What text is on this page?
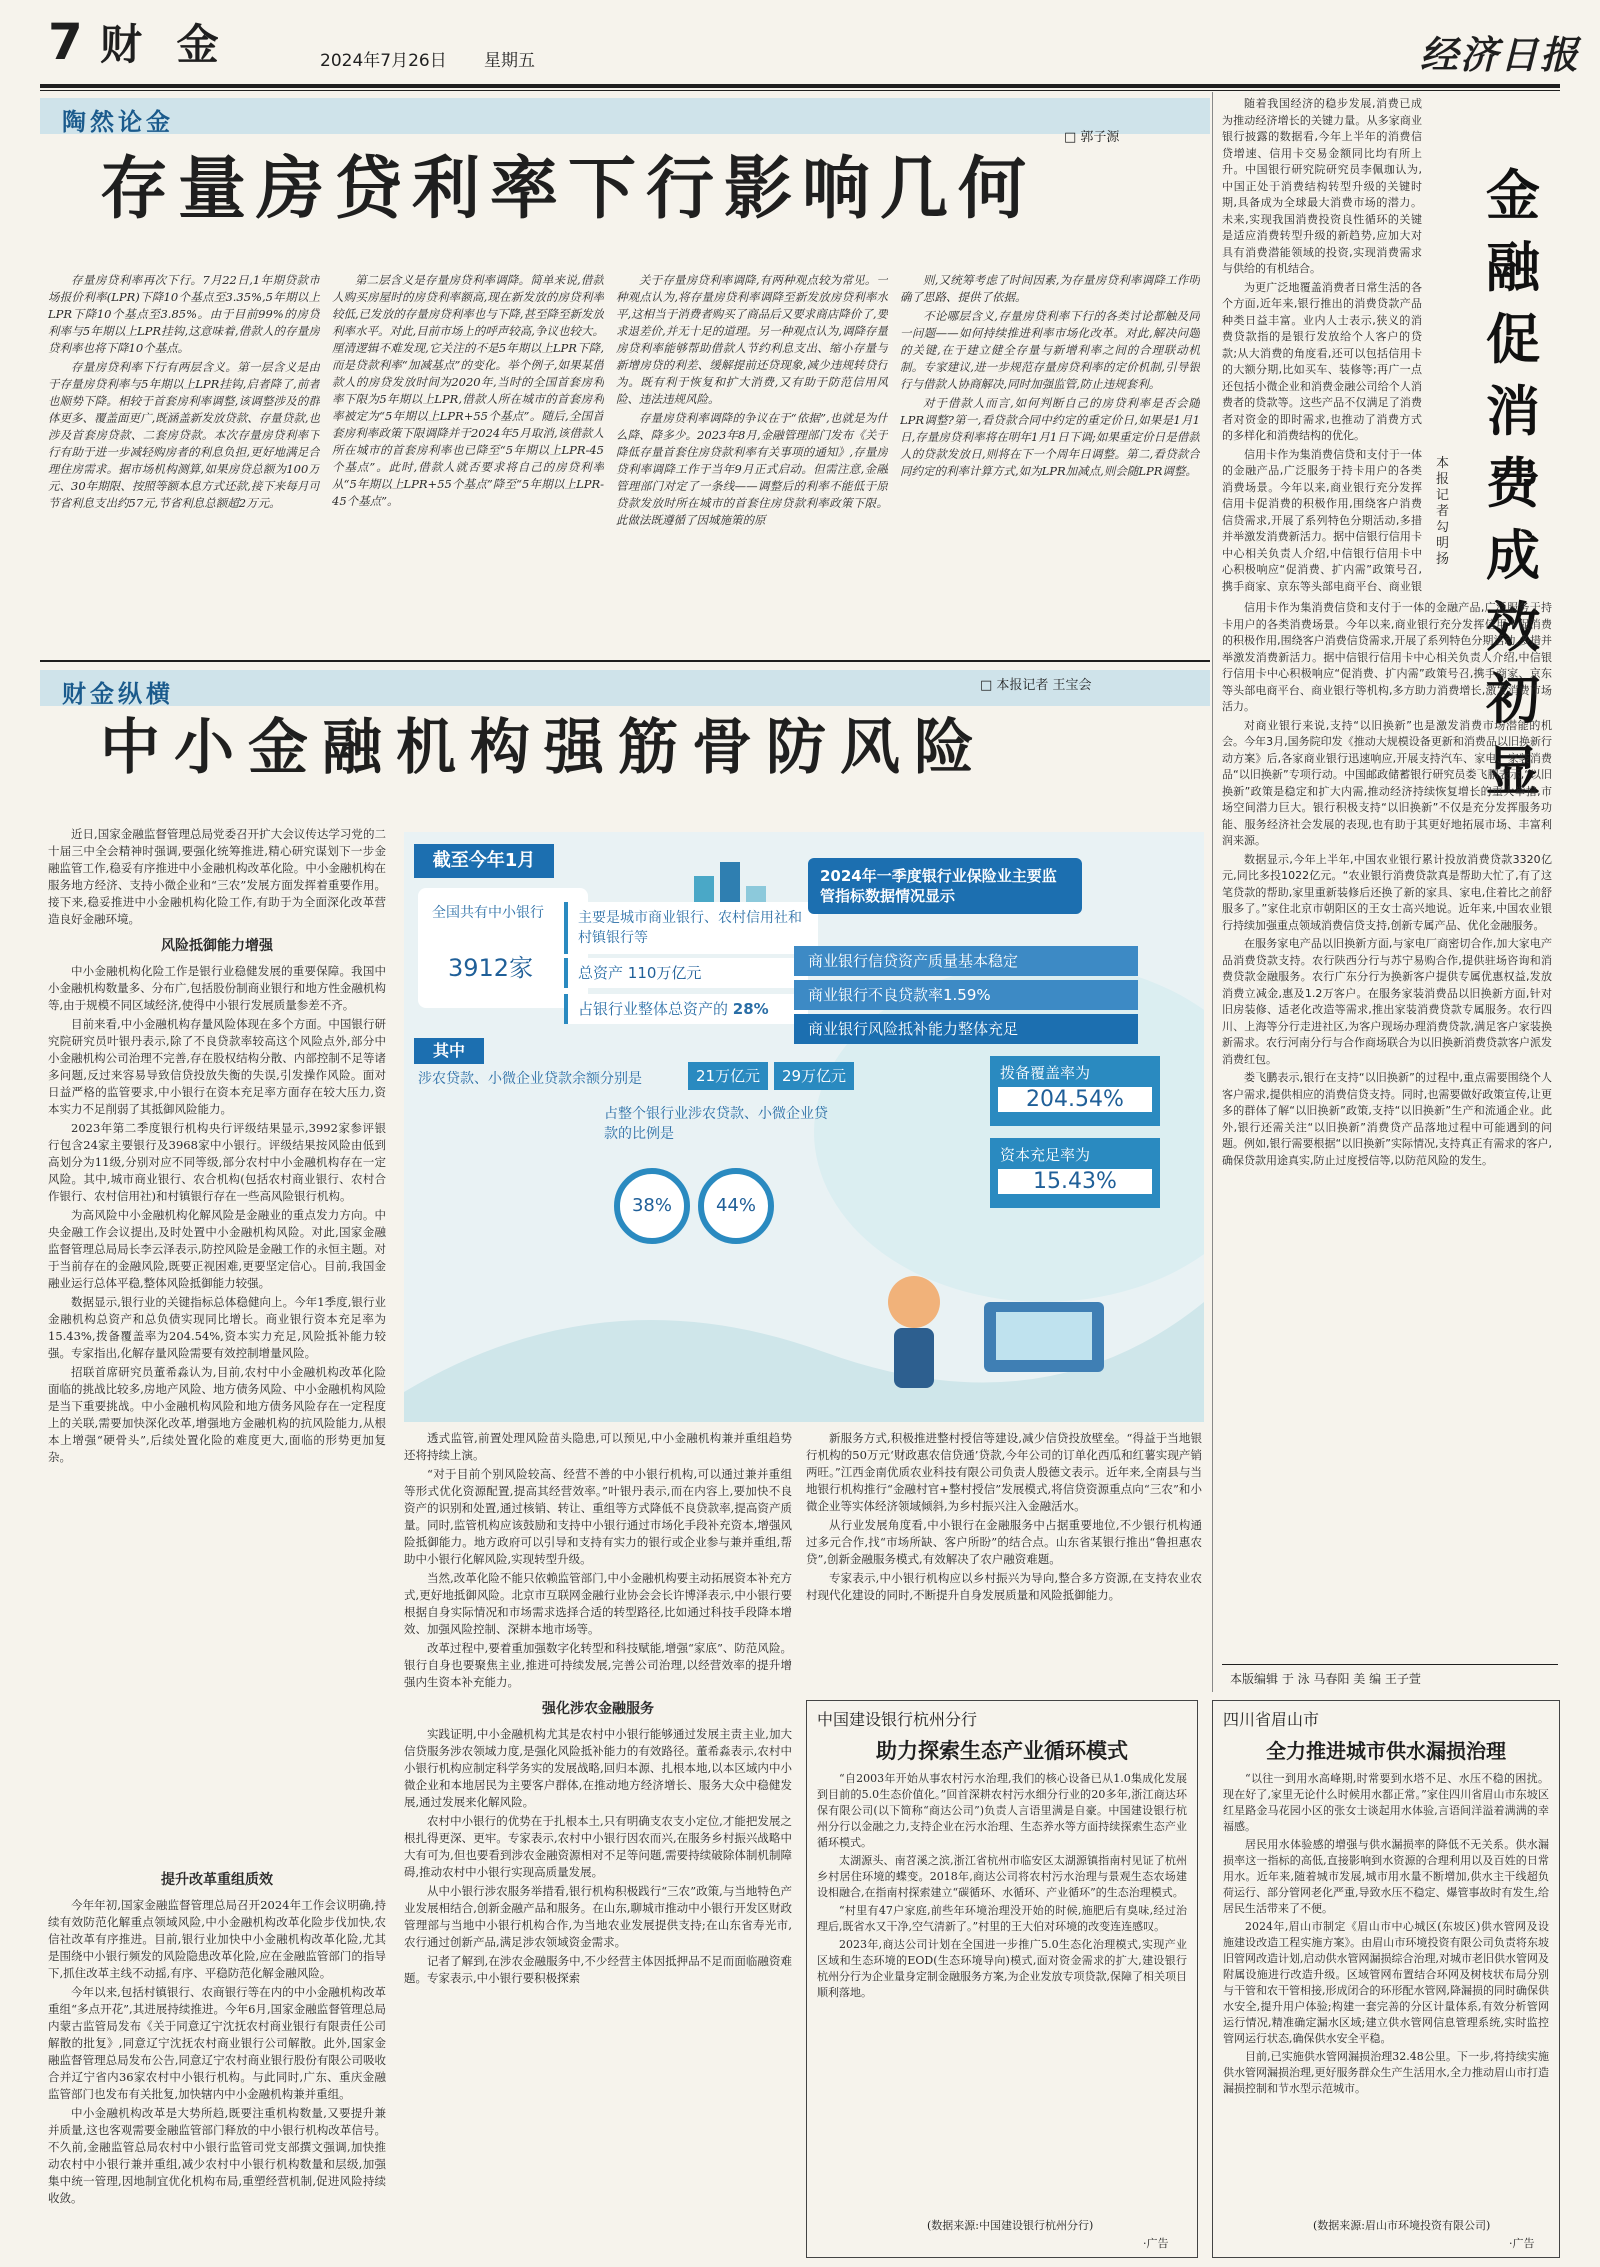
7 财 金	2024年7月26日 星期五	经济日报
陶然论金
□ 郭子源
存量房贷利率下行影响几何

存量房贷利率再次下行。7月22日,1年期贷款市场报价利率(LPR)下降10个基点至3.35%,5年期以上LPR下降10个基点至3.85%。由于目前99%的房贷利率与5年期以上LPR挂钩,这意味着,借款人的存量房贷利率也将下降10个基点。

存量房贷利率下行有两层含义。第一层含义是由于存量房贷利率与5年期以上LPR挂钩,启者降了,前者也顺势下降。相较于首套房利率调整,该调整涉及的群体更多、覆盖面更广,既涵盖新发放贷款、存量贷款,也涉及首套房贷款、二套房贷款。本次存量房贷利率下行有助于进一步减轻购房者的利息负担,更好地满足合理住房需求。据市场机构测算,如果房贷总额为100万元、30年期限、按照等额本息方式还款,接下来每月可节省利息支出约57元,节省利息总额超2万元。

第二层含义是存量房贷利率调降。简单来说,借款人购买房屋时的房贷利率额高,现在新发放的房贷利率较低,已发放的存量房贷利率也与下降,甚至降至新发放利率水平。对此,目前市场上的呼声较高,争议也较大。厘清逻辑不难发现,它关注的不是5年期以上LPR下降,而是贷款利率“加减基点”的变化。举个例子,如果某借款人的房贷发放时间为2020年,当时的全国首套房利率下限为5年期以上LPR,借款人所在城市的首套房利率被定为“5年期以上LPR+55个基点”。随后,全国首套房利率政策下限调降并于2024年5月取消,该借款人所在城市的首套房利率也已降至“5年期以上LPR-45个基点”。此时,借款人就否要求将自己的房贷利率从“5年期以上LPR+55个基点”降至“5年期以上LPR-45个基点”。

关于存量房贷利率调降,有两种观点较为常见。一种观点认为,将存量房贷利率调降至新发放房贷利率水平,这相当于消费者购买了商品后又要求商店降价了,要求退差价,并无十足的道理。另一种观点认为,调降存量房贷利率能够帮助借款人节约利息支出、缩小存量与新增房贷的利差、缓解提前还贷现象,减少违规转贷行为。既有利于恢复和扩大消费,又有助于防范信用风险、违法违规风险。

存量房贷利率调降的争议在于“依据”,也就是为什么降、降多少。2023年8月,金融管理部门发布《关于降低存量首套住房贷款利率有关事项的通知》,存量房贷利率调降工作于当年9月正式启动。但需注意,金融管理部门对定了一条线——调整后的利率不能低于原贷款发放时所在城市的首套住房贷款利率政策下限。此做法既遵循了因城施策的原

则,又统筹考虑了时间因素,为存量房贷利率调降工作明确了思路、提供了依据。

不论哪层含义,存量房贷利率下行的各类讨论都触及同一问题——如何持续推进利率市场化改革。对此,解决问题的关键,在于建立健全存量与新增利率之间的合理联动机制。专家建议,进一步规范存量房贷利率的定价机制,引导银行与借款人协商解决,同时加强监管,防止违规套利。

对于借款人而言,如何判断自己的房贷利率是否会随LPR调整?第一,看贷款合同中约定的重定价日,如果是1月1日,存量房贷利率将在明年1月1日下调;如果重定价日是借款人的贷款发放日,则将在下一个周年日调整。第二,看贷款合同约定的利率计算方式,如为LPR加减点,则会随LPR调整。

财金纵横	□ 本报记者 王宝会
中小金融机构强筋骨防风险

近日,国家金融监督管理总局党委召开扩大会议传达学习党的二十届三中全会精神时强调,要强化统筹推进,精心研究谋划下一步金融监管工作,稳妥有序推进中小金融机构改革化险。中小金融机构在服务地方经济、支持小微企业和“三农”发展方面发挥着重要作用。接下来,稳妥推进中小金融机构化险工作,有助于为全面深化改革营造良好金融环境。

风险抵御能力增强

中小金融机构化险工作是银行业稳健发展的重要保障。我国中小金融机构数量多、分布广,包括股份制商业银行和地方性金融机构等,由于规模不同区域经济,使得中小银行发展质量参差不齐。

目前来看,中小金融机构存量风险体现在多个方面。中国银行研究院研究员叶银丹表示,除了不良贷款率较高这个风险点外,部分中小金融机构公司治理不完善,存在股权结构分散、内部控制不足等诸多问题,反过来容易导致信贷投放失衡的失误,引发操作风险。面对日益严格的监管要求,中小银行在资本充足率方面存在较大压力,资本实力不足削弱了其抵御风险能力。

2023年第二季度银行机构央行评级结果显示,3992家参评银行包含24家主要银行及3968家中小银行。评级结果按风险由低到高划分为11级,分别对应不同等级,部分农村中小金融机构存在一定风险。其中,城市商业银行、农合机构(包括农村商业银行、农村合作银行、农村信用社)和村镇银行存在一些高风险银行机构。

为高风险中小金融机构化解风险是金融业的重点发力方向。中央金融工作会议提出,及时处置中小金融机构风险。对此,国家金融监督管理总局局长李云泽表示,防控风险是金融工作的永恒主题。对于当前存在的金融风险,既要正视困难,更要坚定信心。目前,我国金融业运行总体平稳,整体风险抵御能力较强。

数据显示,银行业的关键指标总体稳健向上。今年1季度,银行业金融机构总资产和总负债实现同比增长。商业银行资本充足率为15.43%,拨备覆盖率为204.54%,资本实力充足,风险抵补能力较强。专家指出,化解存量风险需要有效控制增量风险。

招联首席研究员董希淼认为,目前,农村中小金融机构改革化险面临的挑战比较多,房地产风险、地方债务风险、中小金融机构风险是当下重要挑战。中小金融机构风险和地方债务风险存在一定程度上的关联,需要加快深化改革,增强地方金融机构的抗风险能力,从根本上增强“硬骨头”,后续处置化险的难度更大,面临的形势更加复杂。

提升改革重组质效

今年年初,国家金融监督管理总局召开2024年工作会议明确,持续有效防范化解重点领域风险,中小金融机构改革化险步伐加快,农信社改革有序推进。目前,银行业加快中小金融机构改革化险,尤其是围绕中小银行频发的风险隐患改革化险,应在金融监管部门的指导下,抓住改革主线不动摇,有序、平稳防范化解金融风险。

今年以来,包括村镇银行、农商银行等在内的中小金融机构改革重组“多点开花”,其进展持续推进。今年6月,国家金融监督管理总局内蒙古监管局发布《关于同意辽宁沈抚农村商业银行有限责任公司解散的批复》,同意辽宁沈抚农村商业银行公司解散。此外,国家金融监督管理总局发布公告,同意辽宁农村商业银行股份有限公司吸收合并辽宁省内36家农村中小银行机构。与此同时,广东、重庆金融监管部门也发布有关批复,加快辖内中小金融机构兼并重组。

中小金融机构改革是大势所趋,既要注重机构数量,又要提升兼并质量,这也客观需要金融监管部门释放的中小银行机构改革信号。不久前,金融监管总局农村中小银行监管司党支部撰文强调,加快推动农村中小银行兼并重组,减少农村中小银行机构数量和层级,加强集中统一管理,因地制宜优化机构布局,重塑经营机制,促进风险持续收敛。

截至今年1月
全国共有中小银行
3912家
主要是城市商业银行、农村信用社和村镇银行等
总资产 110万亿元
占银行业整体总资产的 28%
2024年一季度银行业保险业主要监管指标数据情况显示
商业银行信贷资产质量基本稳定
商业银行不良贷款率1.59%
商业银行风险抵补能力整体充足
其中
涉农贷款、小微企业贷款余额分别是	21万亿元	29万亿元
占整个银行业涉农贷款、小微企业贷款的比例是
38%	44%
拨备覆盖率为
204.54%
资本充足率为
15.43%

透式监管,前置处理风险苗头隐患,可以预见,中小金融机构兼并重组趋势还将持续上演。

“对于目前个别风险较高、经营不善的中小银行机构,可以通过兼并重组等形式优化资源配置,提高其经营效率。”叶银丹表示,而在内容上,要加快不良资产的识别和处置,通过核销、转让、重组等方式降低不良贷款率,提高资产质量。同时,监管机构应该鼓励和支持中小银行通过市场化手段补充资本,增强风险抵御能力。地方政府可以引导和支持有实力的银行或企业参与兼并重组,帮助中小银行化解风险,实现转型升级。

当然,改革化险不能只依赖监管部门,中小金融机构要主动拓展资本补充方式,更好地抵御风险。北京市互联网金融行业协会会长许博泽表示,中小银行要根据自身实际情况和市场需求选择合适的转型路径,比如通过科技手段降本增效、加强风险控制、深耕本地市场等。

改革过程中,要着重加强数字化转型和科技赋能,增强“家底”、防范风险。银行自身也要聚焦主业,推进可持续发展,完善公司治理,以经营效率的提升增强内生资本补充能力。

强化涉农金融服务

实践证明,中小金融机构尤其是农村中小银行能够通过发展主责主业,加大信贷服务涉农领域力度,是强化风险抵补能力的有效路径。董希淼表示,农村中小银行机构应制定科学务实的发展战略,回归本源、扎根本地,以本区域内中小微企业和本地居民为主要客户群体,在推动地方经济增长、服务大众中稳健发展,通过发展来化解风险。

农村中小银行的优势在于扎根本土,只有明确支农支小定位,才能把发展之根扎得更深、更牢。专家表示,农村中小银行因农而兴,在服务乡村振兴战略中大有可为,但也要看到涉农金融资源相对不足等问题,需要持续破除体制机制障碍,推动农村中小银行实现高质量发展。

从中小银行涉农服务举措看,银行机构积极践行“三农”政策,与当地特色产业发展相结合,创新金融产品和服务。在山东,聊城市推动中小银行开发区财政管理部与当地中小银行机构合作,为当地农业发展提供支持;在山东省寿光市,农行通过创新产品,满足涉农领域资金需求。

记者了解到,在涉农金融服务中,不少经营主体因抵押品不足而面临融资难题。专家表示,中小银行要积极探索

新服务方式,积极推进整村授信等建设,减少信贷投放壁垒。“得益于当地银行机构的50万元‘财政惠农信贷通’贷款,今年公司的订单化西瓜和红薯实现产销两旺。”江西金南优质农业科技有限公司负责人殷德文表示。近年来,全南县与当地银行机构推行“金融村官+整村授信”发展模式,将信贷资源重点向“三农”和小微企业等实体经济领域倾斜,为乡村振兴注入金融活水。

从行业发展角度看,中小银行在金融服务中占据重要地位,不少银行机构通过多元合作,找“市场所缺、客户所盼”的结合点。山东省某银行推出“鲁担惠农贷”,创新金融服务模式,有效解决了农户融资难题。

专家表示,中小银行机构应以乡村振兴为导向,整合多方资源,在支持农业农村现代化建设的同时,不断提升自身发展质量和风险抵御能力。

中国建设银行杭州分行
助力探索生态产业循环模式

“自2003年开始从事农村污水治理,我们的核心设备已从1.0集成化发展到目前的5.0生态价值化。”回首深耕农村污水细分行业的20多年,浙江商达环保有限公司(以下简称“商达公司”)负责人言语里满是自豪。中国建设银行杭州分行以金融之力,支持企业在污水治理、生态养水等方面持续探索生态产业循环模式。

太湖源头、南苕溪之滨,浙江省杭州市临安区太湖源镇指南村见证了杭州乡村居住环境的蝶变。2018年,商达公司将农村污水治理与景观生态农场建设相融合,在指南村探索建立“碳循环、水循环、产业循环”的生态治理模式。

“村里有47户家庭,前些年环境治理没开始的时候,施肥后有臭味,经过治理后,既省水又干净,空气清新了。”村里的王大伯对环境的改变连连感叹。

2023年,商达公司计划在全国进一步推广5.0生态化治理模式,实现产业区域和生态环境的EOD(生态环境导向)模式,面对资金需求的扩大,建设银行杭州分行为企业量身定制金融服务方案,为企业发放专项贷款,保障了相关项目顺利落地。

(数据来源:中国建设银行杭州分行)
·广告
四川省眉山市
全力推进城市供水漏损治理

“以往一到用水高峰期,时常要到水塔不足、水压不稳的困扰。现在好了,家里无论什么时候用水都正常。”家住四川省眉山市东坡区红星路金马花园小区的张女士谈起用水体验,言语间洋溢着满满的幸福感。

居民用水体验感的增强与供水漏损率的降低不无关系。供水漏损率这一指标的高低,直接影响到水资源的合理利用以及百姓的日常用水。近年来,随着城市发展,城市用水量不断增加,供水主干线超负荷运行、部分管网老化严重,导致水压不稳定、爆管事故时有发生,给居民生活带来了不便。

2024年,眉山市制定《眉山市中心城区(东坡区)供水管网及设施建设改造工程实施方案》。由眉山市环境投资有限公司负责将东坡旧管网改造计划,启动供水管网漏损综合治理,对城市老旧供水管网及附属设施进行改造升级。区域管网布置结合环网及树枝状布局分别与干管和农干管相接,形成闭合的环形配水管网,降漏损的同时确保供水安全,提升用户体验;构建一套完善的分区计量体系,有效分析管网运行情况,精准确定漏水区域;建立供水管网信息管理系统,实时监控管网运行状态,确保供水安全平稳。

目前,已实施供水管网漏损治理32.48公里。下一步,将持续实施供水管网漏损治理,更好服务群众生产生活用水,全力推动眉山市打造漏损控制和节水型示范城市。

(数据来源:眉山市环境投资有限公司)
·广告
金融促消费成效初显
本报记者 勾明扬

随着我国经济的稳步发展,消费已成为推动经济增长的关键力量。从多家商业银行披露的数据看,今年上半年的消费信贷增速、信用卡交易金额同比均有所上升。中国银行研究院研究员李佩珈认为,中国正处于消费结构转型升级的关键时期,具备成为全球最大消费市场的潜力。未来,实现我国消费投资良性循环的关键是适应消费转型升级的新趋势,应加大对具有消费潜能领域的投资,实现消费需求与供给的有机结合。

为更广泛地覆盖消费者日常生活的各个方面,近年来,银行推出的消费贷款产品种类日益丰富。业内人士表示,狭义的消费贷款指的是银行发放给个人客户的贷款;从大消费的角度看,还可以包括信用卡的大额分期,比如买车、装修等;再广一点还包括小微企业和消费金融公司给个人消费者的贷款等。这些产品不仅满足了消费者对资金的即时需求,也推动了消费方式的多样化和消费结构的优化。

信用卡作为集消费信贷和支付于一体的金融产品,广泛服务于持卡用户的各类消费场景。今年以来,商业银行充分发挥信用卡促消费的积极作用,围绕客户消费信贷需求,开展了系列特色分期活动,多措并举激发消费新活力。据中信银行信用卡中心相关负责人介绍,中信银行信用卡中心积极响应“促消费、扩内需”政策号召,携手商家、京东等头部电商平台、商业银

信用卡作为集消费信贷和支付于一体的金融产品,广泛服务于持卡用户的各类消费场景。今年以来,商业银行充分发挥信用卡促消费的积极作用,围绕客户消费信贷需求,开展了系列特色分期活动,多措并举激发消费新活力。据中信银行信用卡中心相关负责人介绍,中信银行信用卡中心积极响应“促消费、扩内需”政策号召,携手商家、京东等头部电商平台、商业银行等机构,多方助力消费增长,激发消费市场活力。

对商业银行来说,支持“以旧换新”也是激发消费市场潜能的机会。今年3月,国务院印发《推动大规模设备更新和消费品以旧换新行动方案》后,各家商业银行迅速响应,开展支持汽车、家电、家装消费品“以旧换新”专项行动。中国邮政储蓄银行研究员娄飞鹏表示,“以旧换新”政策是稳定和扩大内需,推动经济持续恢复增长的重大举措,市场空间潜力巨大。银行积极支持“以旧换新”不仅是充分发挥服务功能、服务经济社会发展的表现,也有助于其更好地拓展市场、丰富利润来源。

数据显示,今年上半年,中国农业银行累计投放消费贷款3320亿元,同比多投1022亿元。“农业银行消费贷款真是帮助大忙了,有了这笔贷款的帮助,家里重新装修后还换了新的家具、家电,住着比之前舒服多了。”家住北京市朝阳区的王女士高兴地说。近年来,中国农业银行持续加强重点领域消费信贷支持,创新专属产品、优化金融服务。

在服务家电产品以旧换新方面,与家电厂商密切合作,加大家电产品消费贷款支持。农行陕西分行与苏宁易购合作,提供驻场咨询和消费贷款金融服务。农行广东分行为换新客户提供专属优惠权益,发放消费立减金,惠及1.2万客户。在服务家装消费品以旧换新方面,针对旧房装修、适老化改造等需求,推出家装消费贷款专属服务。农行四川、上海等分行走进社区,为客户现场办理消费贷款,满足客户家装换新需求。农行河南分行与合作商场联合为以旧换新消费贷款客户派发消费红包。

娄飞鹏表示,银行在支持“以旧换新”的过程中,重点需要围绕个人客户需求,提供相应的消费信贷支持。同时,也需要做好政策宣传,让更多的群体了解“以旧换新”政策,支持“以旧换新”生产和流通企业。此外,银行还需关注“以旧换新”消费贷产品落地过程中可能遇到的问题。例如,银行需要根据“以旧换新”实际情况,支持真正有需求的客户,确保贷款用途真实,防止过度授信等,以防范风险的发生。

本版编辑 于 泳 马春阳 美 编 王子萱
